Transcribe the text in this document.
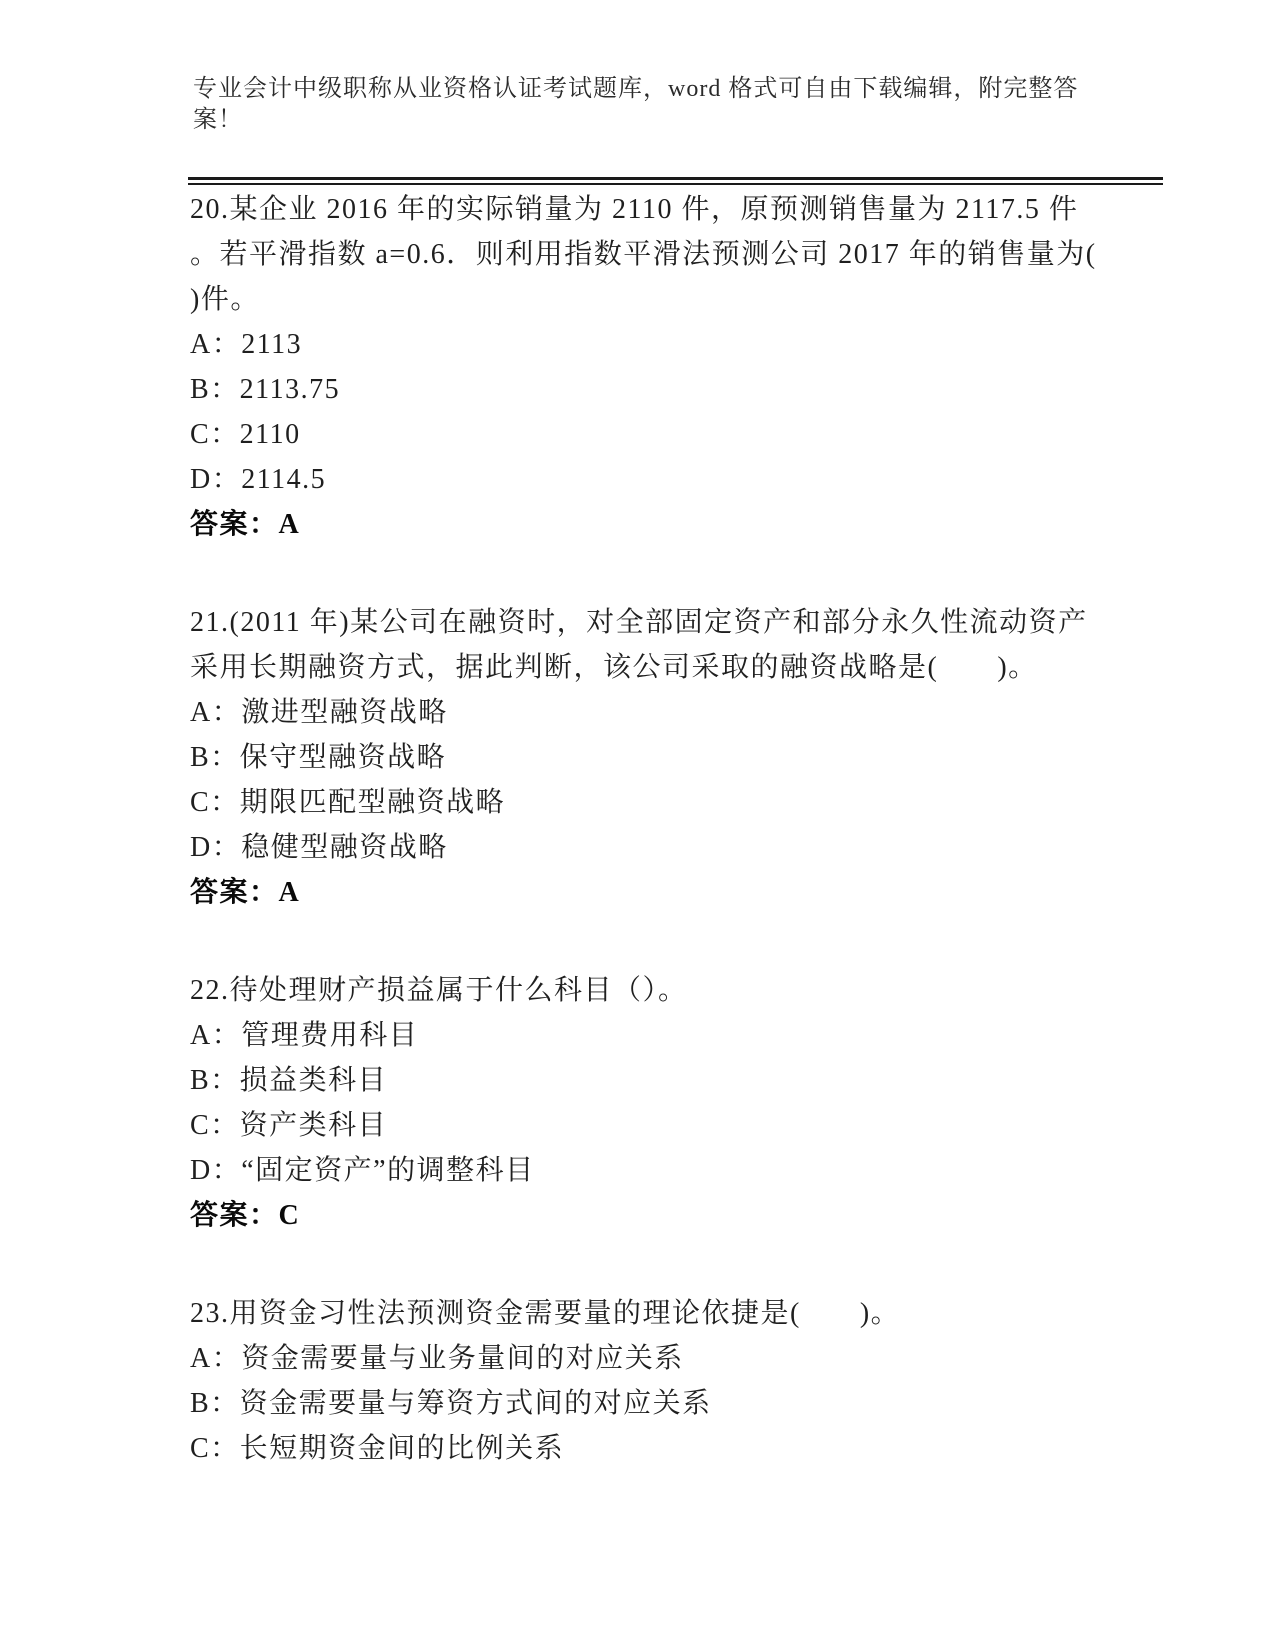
专业会计中级职称从业资格认证考试题库，word 格式可自由下载编辑，附完整答
案！
20.某企业 2016 年的实际销量为 2110 件，原预测销售量为 2117.5 件
。若平滑指数 a=0.6．则利用指数平滑法预测公司 2017 年的销售量为(
)件。
A：2113
B：2113.75
C：2110
D：2114.5
答案：A
21.(2011 年)某公司在融资时，对全部固定资产和部分永久性流动资产
采用长期融资方式，据此判断，该公司采取的融资战略是(　　)。
A：激进型融资战略
B：保守型融资战略
C：期限匹配型融资战略
D：稳健型融资战略
答案：A
22.待处理财产损益属于什么科目（）。
A：管理费用科目
B：损益类科目
C：资产类科目
D：“固定资产”的调整科目
答案：C
23.用资金习性法预测资金需要量的理论依捷是(　　)。
A：资金需要量与业务量间的对应关系
B：资金需要量与筹资方式间的对应关系
C：长短期资金间的比例关系
